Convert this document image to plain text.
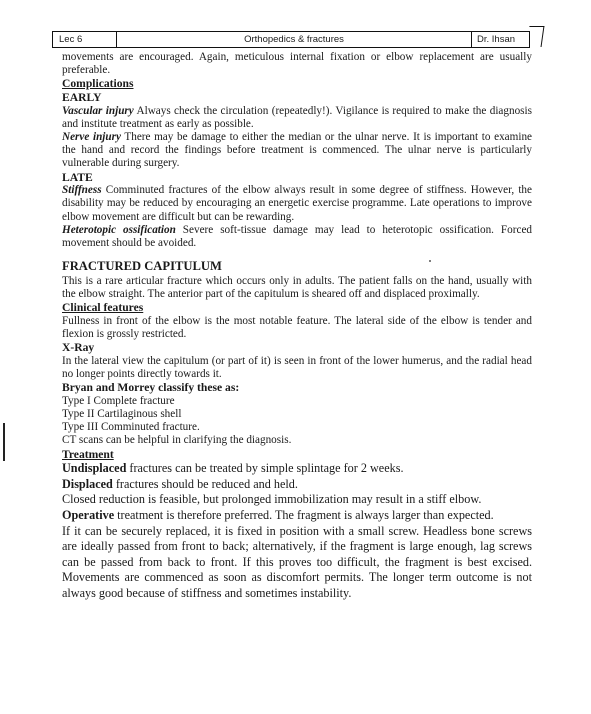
Lec 6	Orthopedics & fractures	Dr. Ihsan

movements are encouraged. Again, meticulous internal fixation or elbow replacement are usually preferable.

Complications

EARLY

Vascular injury Always check the circulation (repeatedly!). Vigilance is required to make the diagnosis and institute treatment as early as possible.

Nerve injury There may be damage to either the median or the ulnar nerve. It is important to examine the hand and record the findings before treatment is commenced. The ulnar nerve is particularly vulnerable during surgery.

LATE

Stiffness Comminuted fractures of the elbow always result in some degree of stiffness. However, the disability may be reduced by encouraging an energetic exercise programme. Late operations to improve elbow movement are difficult but can be rewarding.

Heterotopic ossification Severe soft-tissue damage may lead to heterotopic ossification. Forced movement should be avoided.

FRACTURED CAPITULUM

This is a rare articular fracture which occurs only in adults. The patient falls on the hand, usually with the elbow straight. The anterior part of the capitulum is sheared off and displaced proximally.

Clinical features

Fullness in front of the elbow is the most notable feature. The lateral side of the elbow is tender and flexion is grossly restricted.

X-Ray

In the lateral view the capitulum (or part of it) is seen in front of the lower humerus, and the radial head no longer points directly towards it.

Bryan and Morrey classify these as:

Type I Complete fracture

Type II Cartilaginous shell

Type III Comminuted fracture.

CT scans can be helpful in clarifying the diagnosis.

Treatment

Undisplaced fractures can be treated by simple splintage for 2 weeks.

Displaced fractures should be reduced and held.

Closed reduction is feasible, but prolonged immobilization may result in a stiff elbow.

Operative treatment is therefore preferred. The fragment is always larger than expected.

If it can be securely replaced, it is fixed in position with a small screw. Headless bone screws are ideally passed from front to back; alternatively, if the fragment is large enough, lag screws can be passed from back to front. If this proves too difficult, the fragment is best excised. Movements are commenced as soon as discomfort permits. The longer term outcome is not always good because of stiffness and sometimes instability.
